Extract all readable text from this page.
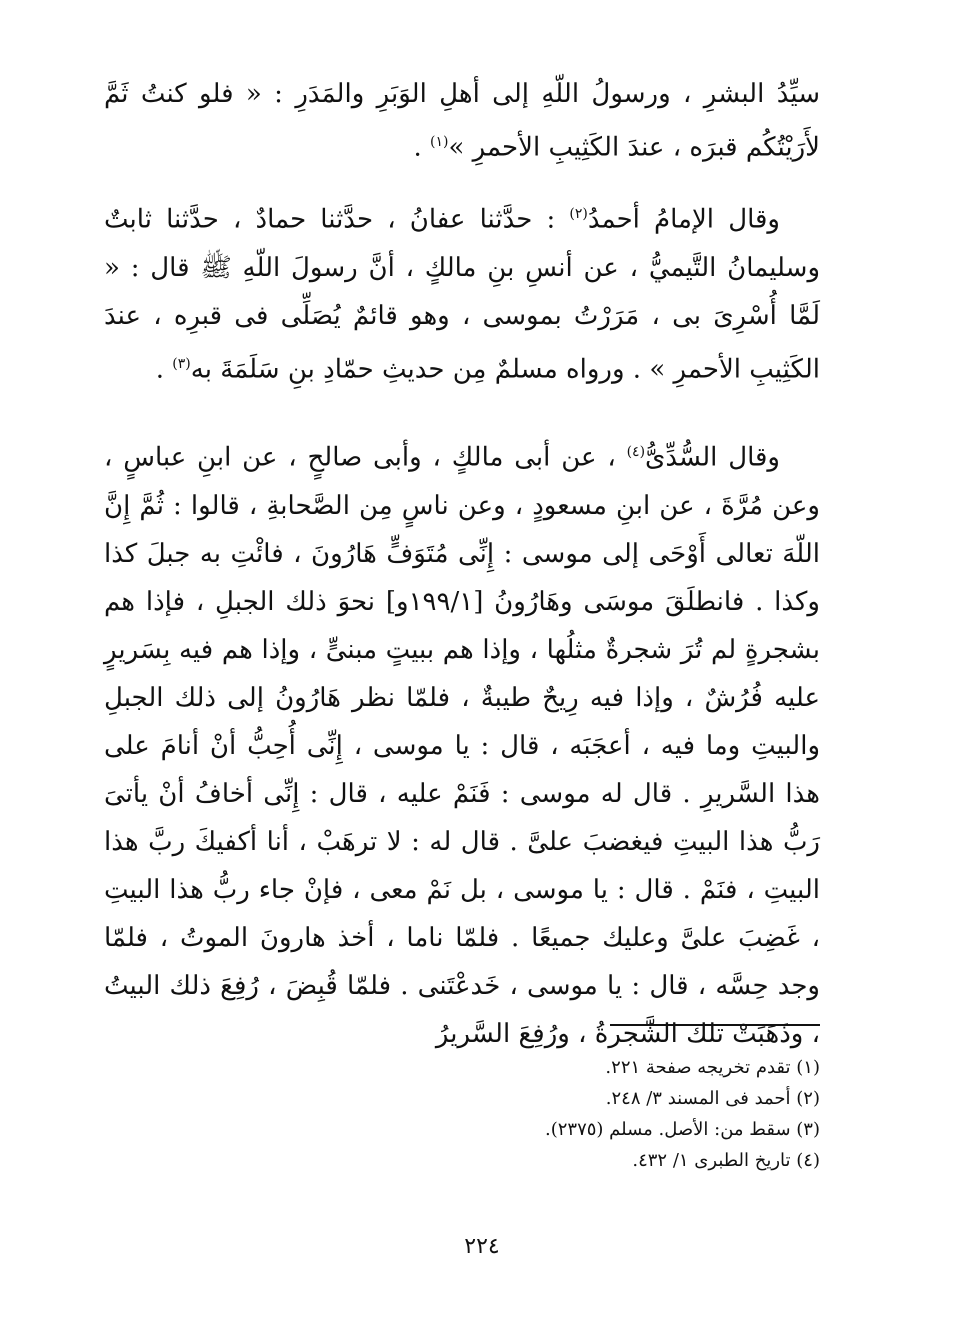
سيِّدُ البشرِ ، ورسولُ اللّهِ إلى أهلِ الوَبَرِ والمَدَرِ : « فلو كنتُ ثَمَّ لأَرَيْتُكُم قبرَه ، عندَ الكَثِيبِ الأحمرِ »$^{(١)}$ .

وقال الإمامُ أحمدُ$^{(٢)}$ : حدَّثنا عفانُ ، حدَّثنا حمادٌ ، حدَّثنا ثابتٌ وسليمانُ التَّيميُّ ، عن أنسِ بنِ مالكٍ ، أنَّ رسولَ اللّهِ ﷺ قال : « لَمَّا أُسْرِىَ بى ، مَرَرْتُ بموسى ، وهو قائمٌ يُصَلِّى فى قبرِه ، عندَ الكَثِيبِ الأحمرِ » . ورواه مسلمٌ مِن حديثِ حمّادِ بنِ سَلَمَةَ به$^{(٣)}$ .

وقال السُّدِّىُّ$^{(٤)}$ ، عن أبى مالكٍ ، وأبى صالحٍ ، عن ابنِ عباسٍ ، وعن مُرَّةَ ، عن ابنِ مسعودٍ ، وعن ناسٍ مِن الصَّحابةِ ، قالوا : ثُمَّ إِنَّ اللّهَ تعالى أَوْحَى إلى موسى : إِنِّى مُتَوَفٍّ هَارُونَ ، فائْتِ به جبلَ كذا وكذا . فانطلَقَ موسَى وهَارُونُ [١٩٩/١و] نحوَ ذلك الجبلِ ، فإذا هم بشجرةٍ لم تُرَ شجرةٌ مثلُها ، وإذا هم ببيتٍ مبنىٍّ ، وإذا هم فيه بِسَريرٍ عليه فُرُشٌ ، وإذا فيه رِيحٌ طيبةٌ ، فلمّا نظر هَارُونُ إلى ذلك الجبلِ والبيتِ وما فيه ، أعجَبَه ، قال : يا موسى ، إِنِّى أُحِبُّ أنْ أنامَ على هذا السَّريرِ . قال له موسى : فَنَمْ عليه ، قال : إِنِّى أخافُ أنْ يأتىَ رَبُّ هذا البيتِ فيغضبَ علىَّ . قال له : لا ترهَبْ ، أنا أكفيكَ ربَّ هذا البيتِ ، فنَمْ . قال : يا موسى ، بل نَمْ معى ، فإنْ جاء ربُّ هذا البيتِ ، غَضِبَ علىَّ وعليك جميعًا . فلمّا ناما ، أخذ هارونَ الموتُ ، فلمّا وجد حِسَّه ، قال : يا موسى ، خَدعْتَنى . فلمّا قُبِضَ ، رُفِعَ ذلك البيتُ ، وذَهَبَتْ تلك الشَّجرةُ ، ورُفِعَ السَّريرُ

(١) تقدم تخريجه صفحة ٢٢١.
(٢) أحمد فى المسند ٣/ ٢٤٨.
(٣) سقط من: الأصل. مسلم (٢٣٧٥).
(٤) تاريخ الطبرى ١/ ٤٣٢.
٢٢٤
